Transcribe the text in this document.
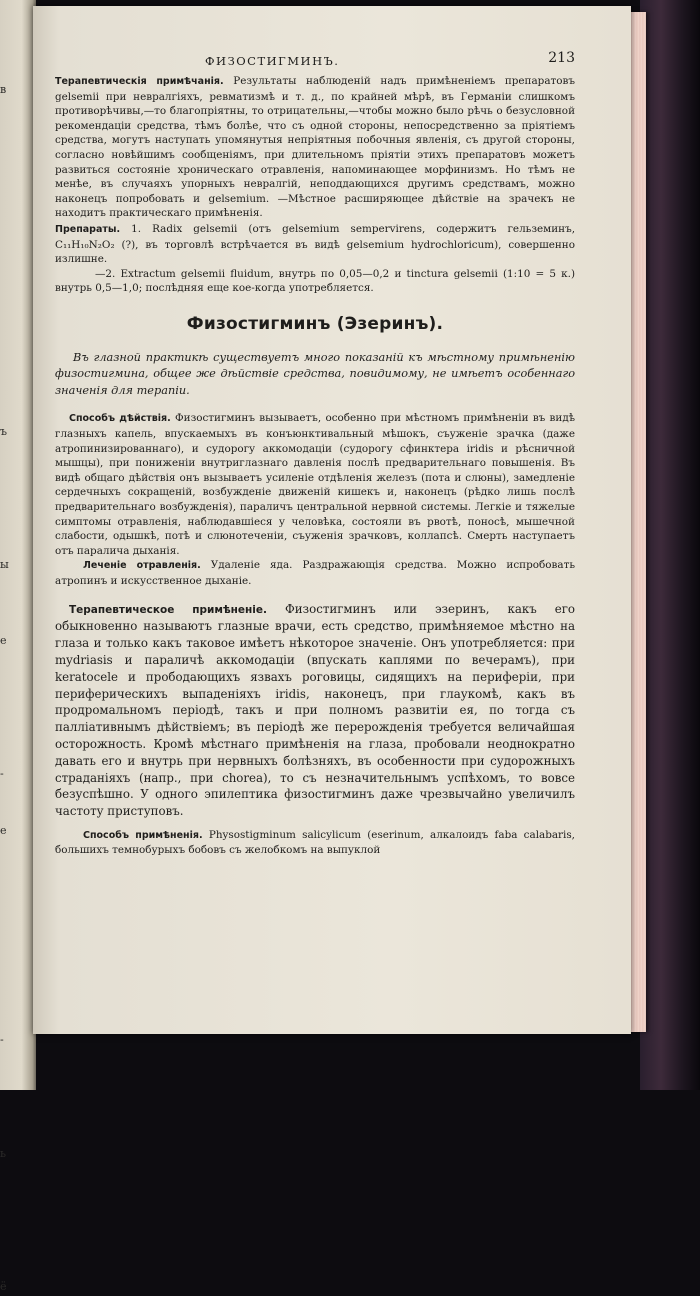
в

ъ

ы

е

-

е

-

ь

ё
ФИЗОСТИГМИНЪ.	213

Терапевтическія примѣчанія. Результаты наблюденій надъ примѣненіемъ препаратовъ gelsemii при невралгіяхъ, ревматизмѣ и т. д., по крайней мѣрѣ, въ Германіи слишкомъ противорѣчивы,—то благопріятны, то отрицательны,—чтобы можно было рѣчь о безусловной рекомендаціи средства, тѣмъ болѣе, что съ одной стороны, непосредственно за пріятіемъ средства, могутъ наступать упомянутыя непріятныя побочныя явленія, съ другой стороны, согласно новѣйшимъ сообщеніямъ, при длительномъ пріятіи этихъ препаратовъ можетъ развиться состояніе хроническаго отравленія, напоминающее морфинизмъ. Но тѣмъ не менѣе, въ случаяхъ упорныхъ невралгій, неподдающихся другимъ средствамъ, можно наконецъ попробовать и gelsemium. —Мѣстное расширяющее дѣйствіе на зрачекъ не находитъ практическаго примѣненія.

Препараты. 1. Radix gelsemii (отъ gelsemium sempervirens, содержитъ гельземинъ, C₁₁H₁₀N₂O₂ (?), въ торговлѣ встрѣчается въ видѣ gelsemium hydrochloricum), совершенно излишне.

—2. Extractum gelsemii fluidum, внутрь по 0,05—0,2 и tinctura gelsemii (1:10 = 5 к.) внутрь 0,5—1,0; послѣдняя еще кое-когда употребляется.

Физостигминъ (Эзеринъ).

Въ глазной практикѣ существуетъ много показаній къ мѣстному примѣненію физостигмина, общее же дѣйствіе средства, повидимому, не имѣетъ особеннаго значенія для терапіи.

Способъ дѣйствія. Физостигминъ вызываетъ, особенно при мѣстномъ примѣненіи въ видѣ глазныхъ капель, впускаемыхъ въ конъюнктивальный мѣшокъ, съуженіе зрачка (даже атропинизированнаго), и судорогу аккомодаціи (судорогу сфинктера iridis и рѣсничной мышцы), при пониженіи внутриглазнаго давленія послѣ предварительнаго повышенія. Въ видѣ общаго дѣйствія онъ вызываетъ усиленіе отдѣленія железъ (пота и слюны), замедленіе сердечныхъ сокращеній, возбужденіе движеній кишекъ и, наконецъ (рѣдко лишь послѣ предварительнаго возбужденія), параличъ центральной нервной системы. Легкіе и тяжелые симптомы отравленія, наблюдавшіеся у человѣка, состояли въ рвотѣ, поносѣ, мышечной слабости, одышкѣ, потѣ и слюнотеченіи, съуженія зрачковъ, коллапсѣ. Смерть наступаетъ отъ паралича дыханія.

Леченіе отравленія. Удаленіе яда. Раздражающія средства. Можно испробовать атропинъ и искусственное дыханіе.

Терапевтическое примѣненіе. Физостигминъ или эзеринъ, какъ его обыкновенно называютъ глазные врачи, есть средство, примѣняемое мѣстно на глаза и только какъ таковое имѣетъ нѣкоторое значеніе. Онъ употребляется: при mydriasis и параличѣ аккомодаціи (впускать каплями по вечерамъ), при keratocele и прободающихъ язвахъ роговицы, сидящихъ на периферіи, при периферическихъ выпаденіяхъ iridis, наконецъ, при глаукомѣ, какъ въ продромальномъ періодѣ, такъ и при полномъ развитіи ея, по тогда съ паллiативнымъ дѣйствіемъ; въ періодѣ же перерожденія требуется величайшая осторожность. Кромѣ мѣстнаго примѣненія на глаза, пробовали неоднократно давать его и внутрь при нервныхъ болѣзняхъ, въ особенности при судорожныхъ страданіяхъ (напр., при chorea), то съ незначительнымъ успѣхомъ, то вовсе безуспѣшно. У одного эпилептика физостигминъ даже чрезвычайно увеличилъ частоту приступовъ.

Способъ примѣненія. Physostigminum salicylicum (eserinum, алкалоидъ faba calabaris, большихъ темнобурыхъ бобовъ съ желобкомъ на выпуклой
